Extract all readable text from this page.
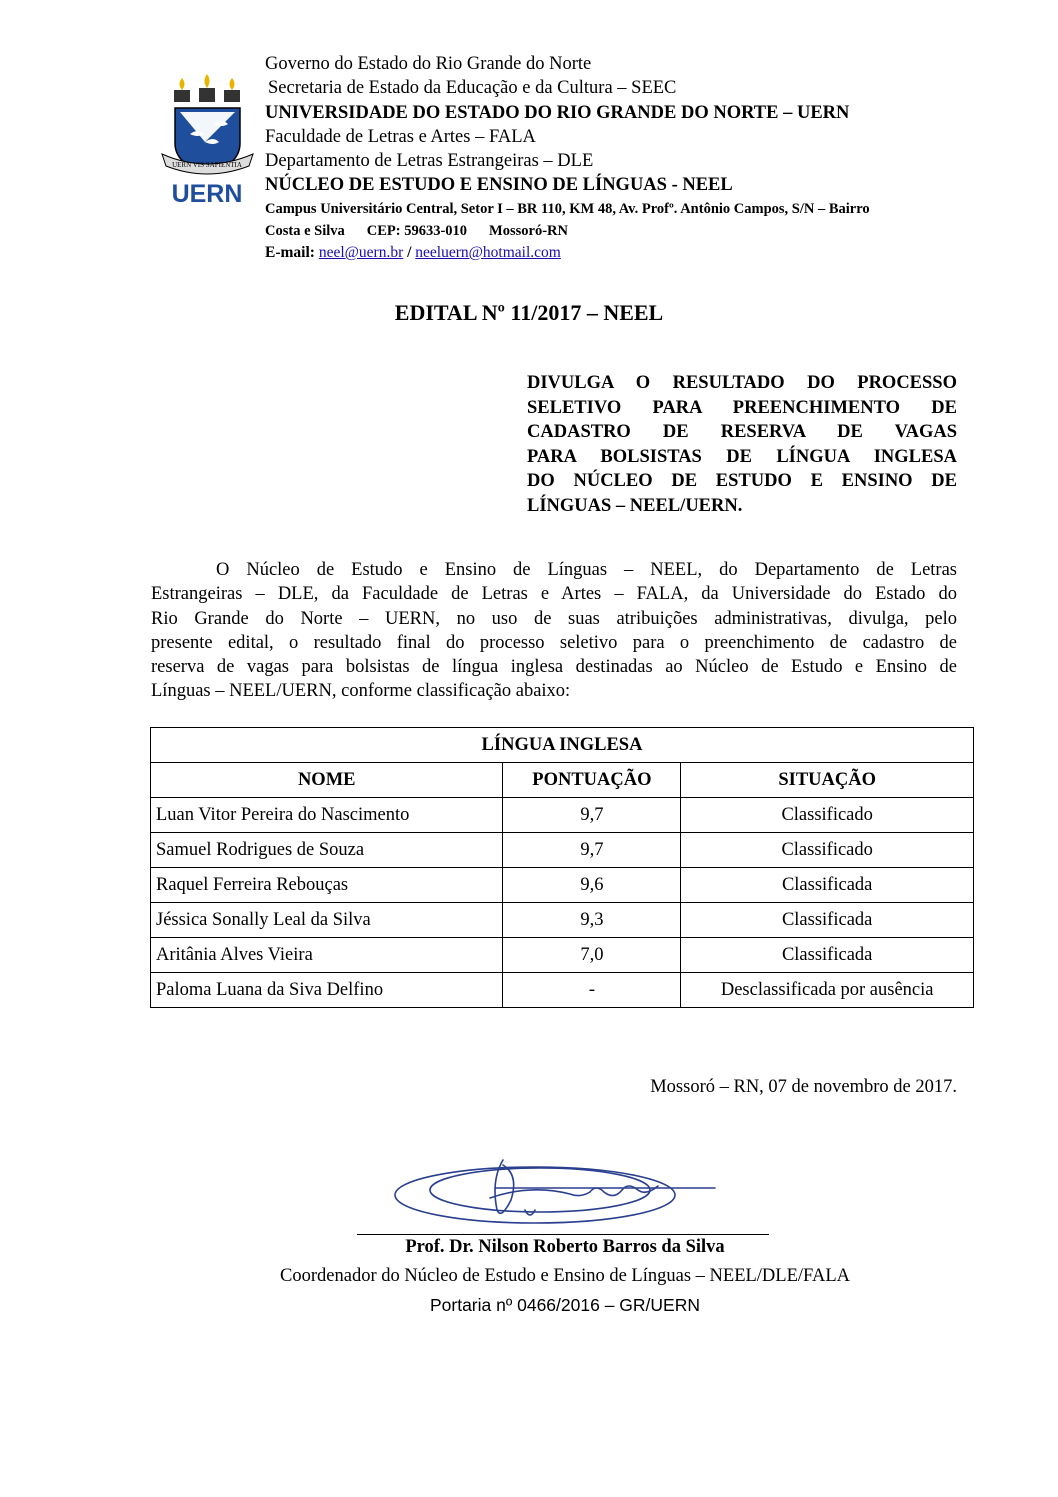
UERN VIS SAPIENTIA
UERN
Governo do Estado do Rio Grande do Norte
Secretaria de Estado da Educação e da Cultura – SEEC
UNIVERSIDADE DO ESTADO DO RIO GRANDE DO NORTE – UERN
Faculdade de Letras e Artes – FALA
Departamento de Letras Estrangeiras – DLE
NÚCLEO DE ESTUDO E ENSINO DE LÍNGUAS - NEEL
Campus Universitário Central, Setor I – BR 110, KM 48, Av. Profº. Antônio Campos, S/N – Bairro
Costa e Silva CEP: 59633-010 Mossoró-RN
E-mail: neel@uern.br / neeluern@hotmail.com
EDITAL Nº 11/2017 – NEEL
DIVULGA O RESULTADO DO PROCESSO
SELETIVO PARA PREENCHIMENTO DE
CADASTRO DE RESERVA DE VAGAS
PARA BOLSISTAS DE LÍNGUA INGLESA
DO NÚCLEO DE ESTUDO E ENSINO DE
LÍNGUAS – NEEL/UERN.
O Núcleo de Estudo e Ensino de Línguas – NEEL, do Departamento de Letras
Estrangeiras – DLE, da Faculdade de Letras e Artes – FALA, da Universidade do Estado do
Rio Grande do Norte – UERN, no uso de suas atribuições administrativas, divulga, pelo
presente edital, o resultado final do processo seletivo para o preenchimento de cadastro de
reserva de vagas para bolsistas de língua inglesa destinadas ao Núcleo de Estudo e Ensino de
Línguas – NEEL/UERN, conforme classificação abaixo:
LÍNGUA INGLESA		
NOME	PONTUAÇÃO	SITUAÇÃO
Luan Vitor Pereira do Nascimento	9,7	Classificado
Samuel Rodrigues de Souza	9,7	Classificado
Raquel Ferreira Rebouças	9,6	Classificada
Jéssica Sonally Leal da Silva	9,3	Classificada
Aritânia Alves Vieira	7,0	Classificada
Paloma Luana da Siva Delfino	-	Desclassificada por ausência
Mossoró – RN, 07 de novembro de 2017.
Prof. Dr. Nilson Roberto Barros da Silva
Coordenador do Núcleo de Estudo e Ensino de Línguas – NEEL/DLE/FALA
Portaria nº 0466/2016 – GR/UERN
